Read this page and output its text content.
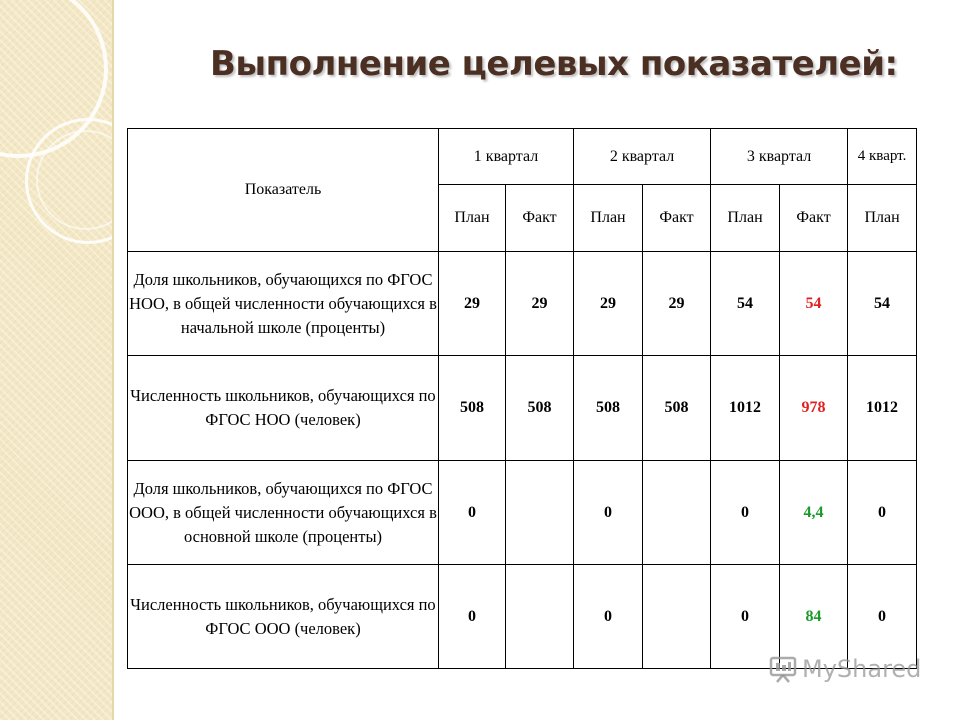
Выполнение целевых показателей:
Показатель	1 квартал		2 квартал		3 квартал		4 кварт.
	План	Факт	План	Факт	План	Факт	План
Доля школьников, обучающихся по ФГОС НОО, в общей численности обучающихся в начальной школе (проценты)	29	29	29	29	54	54	54
Численность школьников, обучающихся по ФГОС НОО (человек)	508	508	508	508	1012	978	1012
Доля школьников, обучающихся по ФГОС ООО, в общей численности обучающихся в основной школе (проценты)	0		0		0	4,4	0
Численность школьников, обучающихся по ФГОС ООО (человек)	0		0		0	84	0
MyShared
